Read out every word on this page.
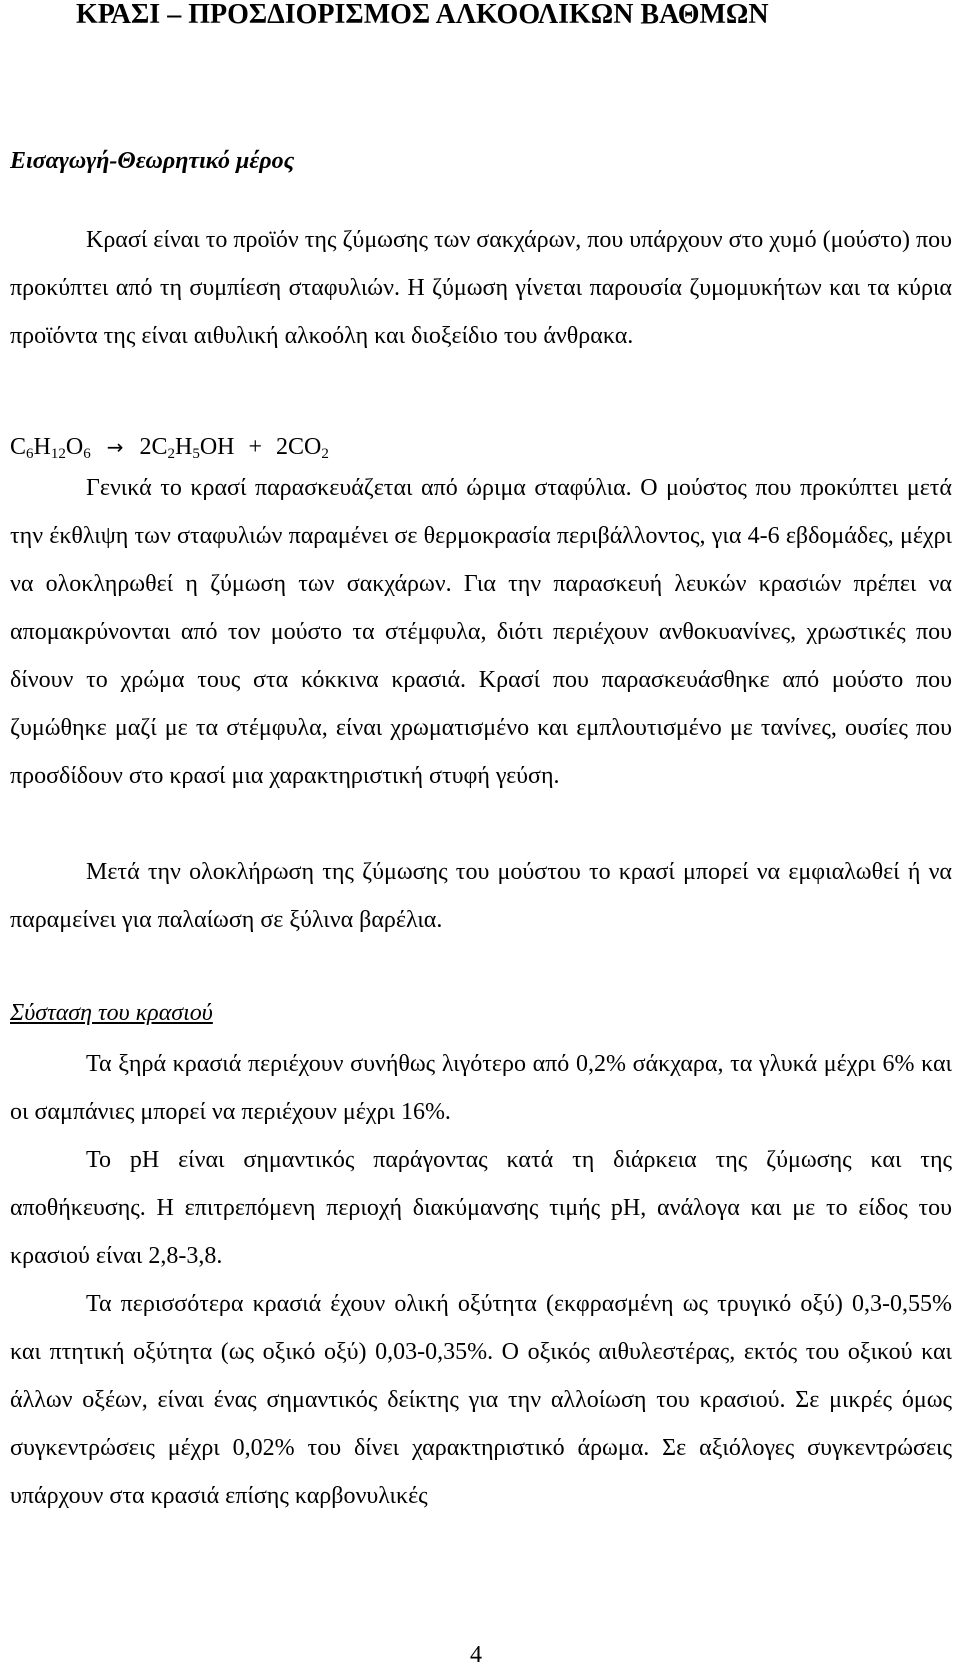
ΚΡΑΣΙ – ΠΡΟΣΔΙΟΡΙΣΜΟΣ ΑΛΚΟΟΛΙΚΩΝ ΒΑΘΜΩΝ
Εισαγωγή-Θεωρητικό μέρος

Κρασί είναι το προϊόν της ζύμωσης των σακχάρων, που υπάρχουν στο χυμό (μούστο) που προκύπτει από τη συμπίεση σταφυλιών. Η ζύμωση γίνεται παρουσία ζυμομυκήτων και τα κύρια προϊόντα της είναι αιθυλική αλκοόλη και διοξείδιο του άνθρακα.

$C_6H_{12}O_6 \to 2C_2H_5OH + 2CO_2$

Γενικά το κρασί παρασκευάζεται από ώριμα σταφύλια. Ο μούστος που προκύπτει μετά την έκθλιψη των σταφυλιών παραμένει σε θερμοκρασία περιβάλλοντος, για 4-6 εβδομάδες, μέχρι να ολοκληρωθεί η ζύμωση των σακχάρων. Για την παρασκευή λευκών κρασιών πρέπει να απομακρύνονται από τον μούστο τα στέμφυλα, διότι περιέχουν ανθοκυανίνες, χρωστικές που δίνουν το χρώμα τους στα κόκκινα κρασιά. Κρασί που παρασκευάσθηκε από μούστο που ζυμώθηκε μαζί με τα στέμφυλα, είναι χρωματισμένο και εμπλουτισμένο με τανίνες, ουσίες που προσδίδουν στο κρασί μια χαρακτηριστική στυφή γεύση.

Μετά την ολοκλήρωση της ζύμωσης του μούστου το κρασί μπορεί να εμφιαλωθεί ή να παραμείνει για παλαίωση σε ξύλινα βαρέλια.

Σύσταση του κρασιού

Τα ξηρά κρασιά περιέχουν συνήθως λιγότερο από 0,2% σάκχαρα, τα γλυκά μέχρι 6% και οι σαμπάνιες μπορεί να περιέχουν μέχρι 16%.

Το pH είναι σημαντικός παράγοντας κατά τη διάρκεια της ζύμωσης και της αποθήκευσης. Η επιτρεπόμενη περιοχή διακύμανσης τιμής pH, ανάλογα και με το είδος του κρασιού είναι 2,8-3,8.

Τα περισσότερα κρασιά έχουν ολική οξύτητα (εκφρασμένη ως τρυγικό οξύ) 0,3-0,55% και πτητική οξύτητα (ως οξικό οξύ) 0,03-0,35%. Ο οξικός αιθυλεστέρας, εκτός του οξικού και άλλων οξέων, είναι ένας σημαντικός δείκτης για την αλλοίωση του κρασιού. Σε μικρές όμως συγκεντρώσεις μέχρι 0,02% του δίνει χαρακτηριστικό άρωμα. Σε αξιόλογες συγκεντρώσεις υπάρχουν στα κρασιά επίσης καρβονυλικές

4
